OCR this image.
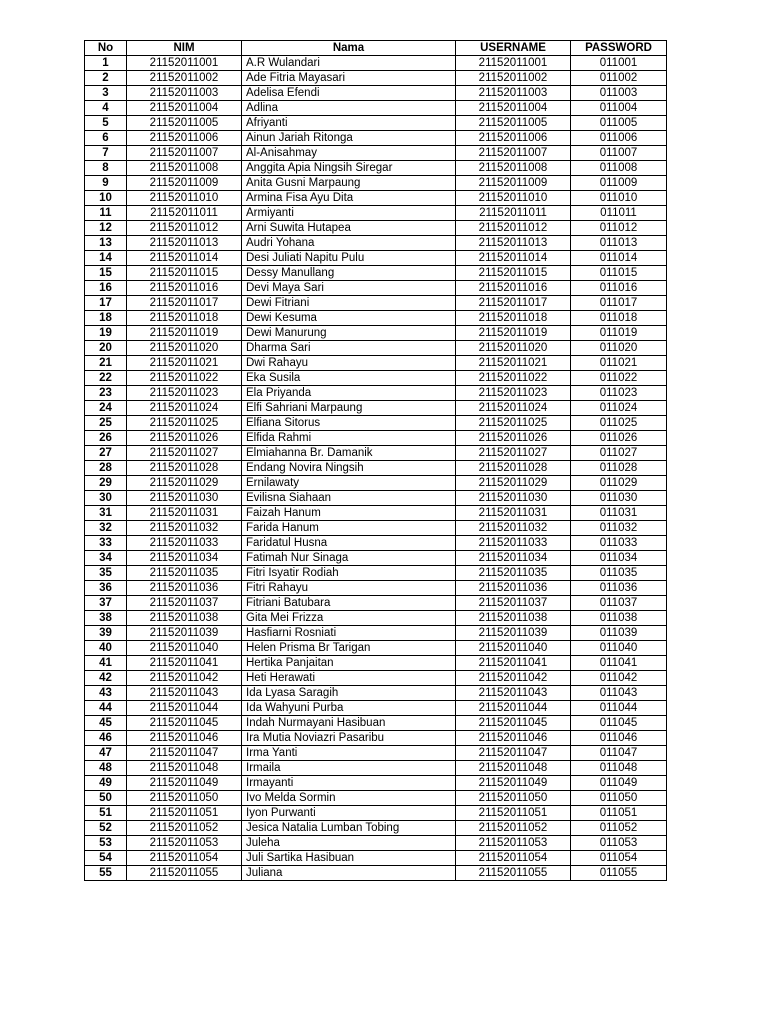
No	NIM	Nama	USERNAME	PASSWORD
1	21152011001	A.R Wulandari	21152011001	011001
2	21152011002	Ade Fitria Mayasari	21152011002	011002
3	21152011003	Adelisa Efendi	21152011003	011003
4	21152011004	Adlina	21152011004	011004
5	21152011005	Afriyanti	21152011005	011005
6	21152011006	Ainun Jariah Ritonga	21152011006	011006
7	21152011007	Al-Anisahmay	21152011007	011007
8	21152011008	Anggita Apia Ningsih Siregar	21152011008	011008
9	21152011009	Anita Gusni Marpaung	21152011009	011009
10	21152011010	Armina Fisa Ayu Dita	21152011010	011010
11	21152011011	Armiyanti	21152011011	011011
12	21152011012	Arni Suwita Hutapea	21152011012	011012
13	21152011013	Audri Yohana	21152011013	011013
14	21152011014	Desi Juliati Napitu Pulu	21152011014	011014
15	21152011015	Dessy Manullang	21152011015	011015
16	21152011016	Devi Maya Sari	21152011016	011016
17	21152011017	Dewi Fitriani	21152011017	011017
18	21152011018	Dewi Kesuma	21152011018	011018
19	21152011019	Dewi Manurung	21152011019	011019
20	21152011020	Dharma Sari	21152011020	011020
21	21152011021	Dwi Rahayu	21152011021	011021
22	21152011022	Eka Susila	21152011022	011022
23	21152011023	Ela Priyanda	21152011023	011023
24	21152011024	Elfi Sahriani Marpaung	21152011024	011024
25	21152011025	Elfiana Sitorus	21152011025	011025
26	21152011026	Elfida Rahmi	21152011026	011026
27	21152011027	Elmiahanna Br. Damanik	21152011027	011027
28	21152011028	Endang Novira Ningsih	21152011028	011028
29	21152011029	Ernilawaty	21152011029	011029
30	21152011030	Evilisna Siahaan	21152011030	011030
31	21152011031	Faizah Hanum	21152011031	011031
32	21152011032	Farida Hanum	21152011032	011032
33	21152011033	Faridatul Husna	21152011033	011033
34	21152011034	Fatimah Nur Sinaga	21152011034	011034
35	21152011035	Fitri Isyatir Rodiah	21152011035	011035
36	21152011036	Fitri Rahayu	21152011036	011036
37	21152011037	Fitriani Batubara	21152011037	011037
38	21152011038	Gita Mei Frizza	21152011038	011038
39	21152011039	Hasfiarni Rosniati	21152011039	011039
40	21152011040	Helen Prisma Br Tarigan	21152011040	011040
41	21152011041	Hertika Panjaitan	21152011041	011041
42	21152011042	Heti Herawati	21152011042	011042
43	21152011043	Ida Lyasa Saragih	21152011043	011043
44	21152011044	Ida Wahyuni Purba	21152011044	011044
45	21152011045	Indah Nurmayani Hasibuan	21152011045	011045
46	21152011046	Ira Mutia Noviazri Pasaribu	21152011046	011046
47	21152011047	Irma Yanti	21152011047	011047
48	21152011048	Irmaila	21152011048	011048
49	21152011049	Irmayanti	21152011049	011049
50	21152011050	Ivo Melda Sormin	21152011050	011050
51	21152011051	Iyon Purwanti	21152011051	011051
52	21152011052	Jesica Natalia Lumban Tobing	21152011052	011052
53	21152011053	Juleha	21152011053	011053
54	21152011054	Juli Sartika Hasibuan	21152011054	011054
55	21152011055	Juliana	21152011055	011055
